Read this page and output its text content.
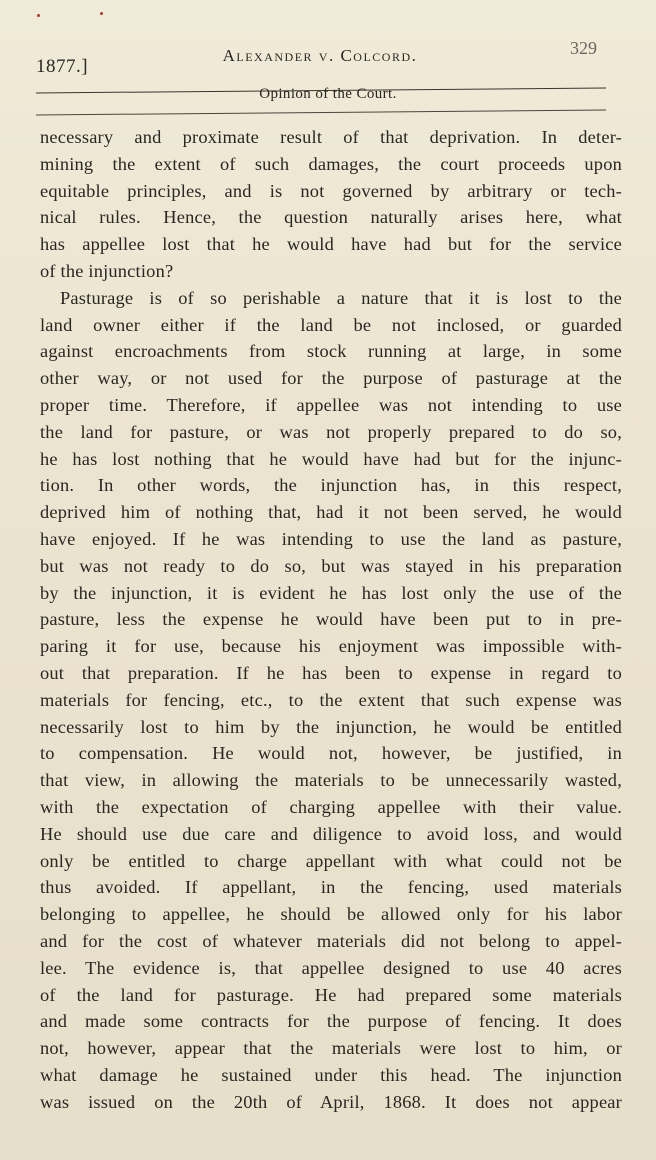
1877.]
Alexander v. Colcord.	329
Opinion of the Court.
necessary and proximate result of that deprivation. In deter-
mining the extent of such damages, the court proceeds upon
equitable principles, and is not governed by arbitrary or tech-
nical rules. Hence, the question naturally arises here, what
has appellee lost that he would have had but for the service
of the injunction?
Pasturage is of so perishable a nature that it is lost to the
land owner either if the land be not inclosed, or guarded
against encroachments from stock running at large, in some
other way, or not used for the purpose of pasturage at the
proper time. Therefore, if appellee was not intending to use
the land for pasture, or was not properly prepared to do so,
he has lost nothing that he would have had but for the injunc-
tion. In other words, the injunction has, in this respect,
deprived him of nothing that, had it not been served, he would
have enjoyed. If he was intending to use the land as pasture,
but was not ready to do so, but was stayed in his preparation
by the injunction, it is evident he has lost only the use of the
pasture, less the expense he would have been put to in pre-
paring it for use, because his enjoyment was impossible with-
out that preparation. If he has been to expense in regard to
materials for fencing, etc., to the extent that such expense was
necessarily lost to him by the injunction, he would be entitled
to compensation. He would not, however, be justified, in
that view, in allowing the materials to be unnecessarily wasted,
with the expectation of charging appellee with their value.
He should use due care and diligence to avoid loss, and would
only be entitled to charge appellant with what could not be
thus avoided. If appellant, in the fencing, used materials
belonging to appellee, he should be allowed only for his labor
and for the cost of whatever materials did not belong to appel-
lee. The evidence is, that appellee designed to use 40 acres
of the land for pasturage. He had prepared some materials
and made some contracts for the purpose of fencing. It does
not, however, appear that the materials were lost to him, or
what damage he sustained under this head. The injunction
was issued on the 20th of April, 1868. It does not appear
